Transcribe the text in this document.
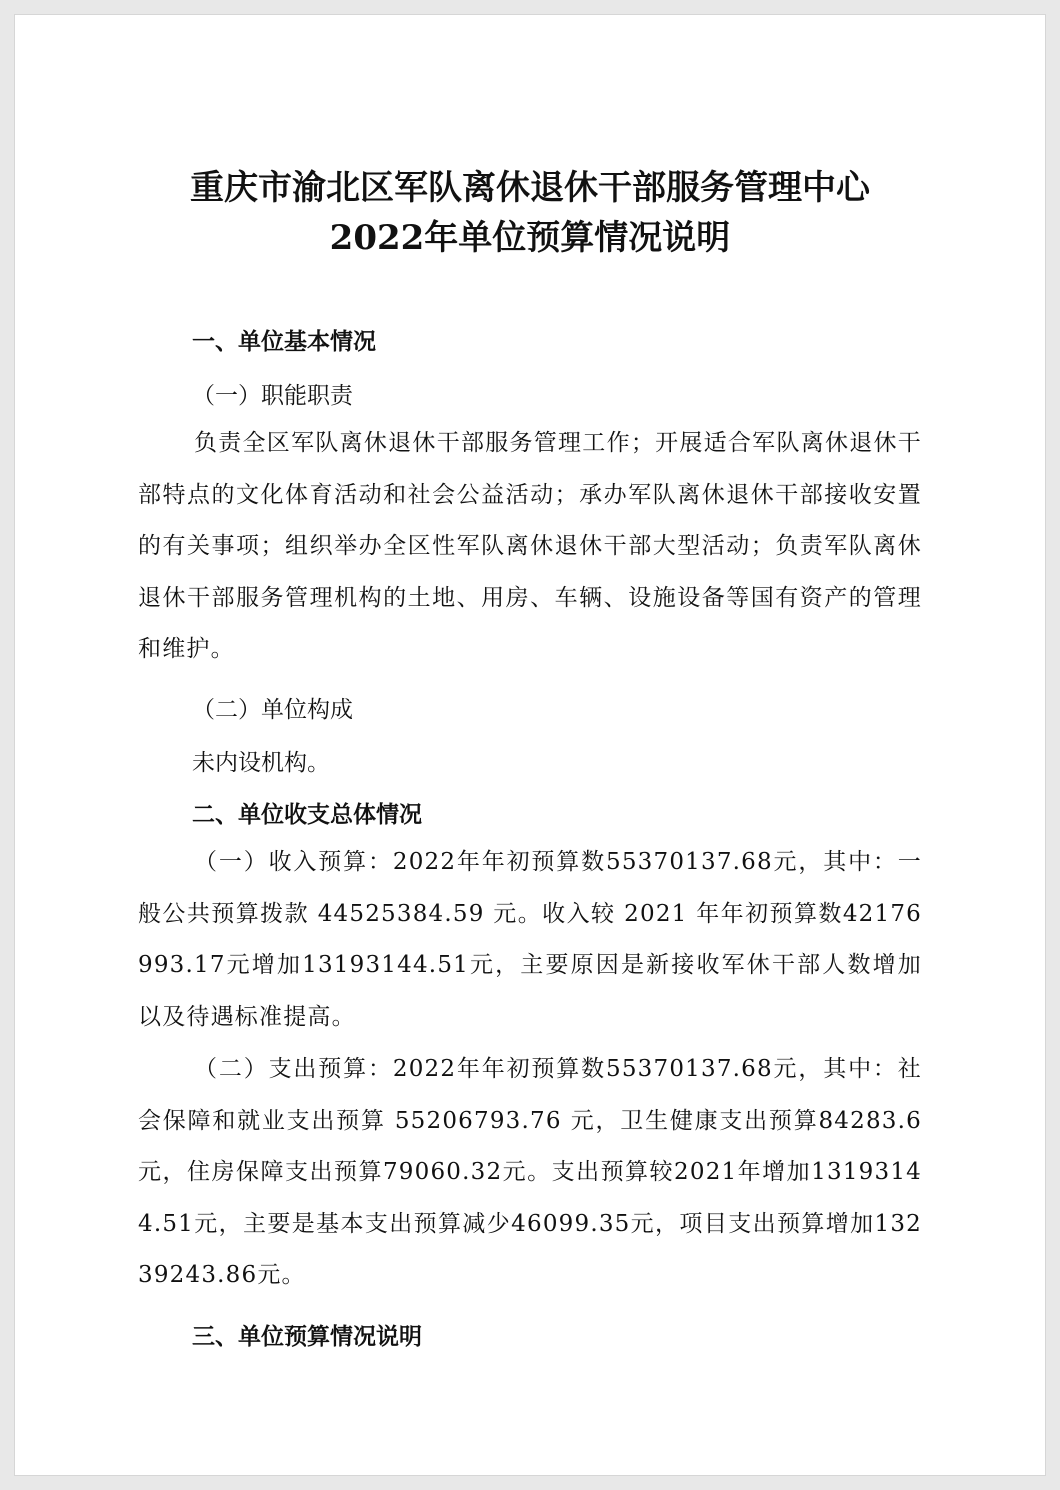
重庆市渝北区军队离休退休干部服务管理中心
2022年单位预算情况说明
一、单位基本情况
（一）职能职责
负责全区军队离休退休干部服务管理工作；开展适合军队离休退休干部特点的文化体育活动和社会公益活动；承办军队离休退休干部接收安置的有关事项；组织举办全区性军队离休退休干部大型活动；负责军队离休退休干部服务管理机构的土地、用房、车辆、设施设备等国有资产的管理和维护。
（二）单位构成
未内设机构。
二、单位收支总体情况
（一）收入预算：2022年年初预算数55370137.68元，其中：一般公共预算拨款 44525384.59 元。收入较 2021 年年初预算数42176993.17元增加13193144.51元，主要原因是新接收军休干部人数增加以及待遇标准提高。
（二）支出预算：2022年年初预算数55370137.68元，其中：社会保障和就业支出预算 55206793.76 元，卫生健康支出预算84283.6元，住房保障支出预算79060.32元。支出预算较2021年增加13193144.51元，主要是基本支出预算减少46099.35元，项目支出预算增加13239243.86元。
三、单位预算情况说明
